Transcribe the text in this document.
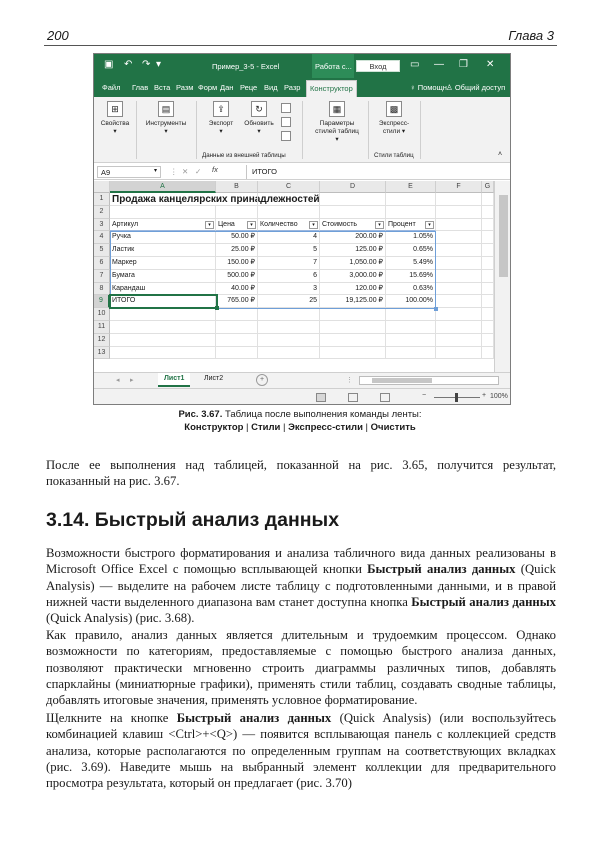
200	Глава 3
▣ ↶ ↷ ▾	Пример_3-5 - Excel	Работа с...	Вход	▭ — ❐ ✕
Файл Глав Вста Разм Форм Дан Реце Вид Разр	Конструктор	♀ Помощн ♙ Общий доступ
⊞
Свойства
▾
▤
Инструменты
▾
⇪
Экспорт
▾
↻
Обновить
▾
Данные из внешней таблицы
▦
Параметры
стилей таблиц
▾
▩
Экспресс-
стили ▾
Стили таблиц	˄
A9	▾ ⋮ ✕ ✓ fx	ИТОГО
A	B	C	D	E	F	G
1 Продажа канцелярских принадлежностей
2
3	Артикул	▾	Цена	▾	Количество	▾	Стоимость	▾	Процент	▾
4	Ручка	50.00 ₽	4	200.00 ₽	1.05%
5	Ластик	25.00 ₽	5	125.00 ₽	0.65%
6	Маркер	150.00 ₽	7	1,050.00 ₽	5.49%
7	Бумага	500.00 ₽	6	3,000.00 ₽	15.69%
8	Карандаш	40.00 ₽	3	120.00 ₽	0.63%
9	ИТОГО	765.00 ₽	25	19,125.00 ₽	100.00%
10
11
12
13
◂ ▸	Лист1	Лист2	+	⋮
−	+ 100%
Рис. 3.67. Таблица после выполнения команды ленты:
Конструктор | Стили | Экспресс-стили | Очистить

После ее выполнения над таблицей, показанной на рис. 3.65, получится результат, показанный на рис. 3.67.

3.14. Быстрый анализ данных

Возможности быстрого форматирования и анализа табличного вида данных реализованы в Microsoft Office Excel с помощью всплывающей кнопки Быстрый анализ данных (Quick Analysis) — выделите на рабочем листе таблицу с подготовленными данными, и в правой нижней части выделенного диапазона вам станет доступна кнопка Быстрый анализ данных (Quick Analysis) (рис. 3.68).

Как правило, анализ данных является длительным и трудоемким процессом. Однако возможности по категориям, предоставляемые с помощью быстрого анализа данных, позволяют практически мгновенно строить диаграммы различных типов, добавлять спарклайны (миниатюрные графики), применять стили таблиц, создавать сводные таблицы, добавлять итоговые значения, применять условное форматирование.

Щелкните на кнопке Быстрый анализ данных (Quick Analysis) (или воспользуйтесь комбинацией клавиш <Ctrl>+<Q>) — появится всплывающая панель с коллекцией средств анализа, которые располагаются по определенным группам на соответствующих вкладках (рис. 3.69). Наведите мышь на выбранный элемент коллекции для предварительного просмотра результата, который он предлагает (рис. 3.70)
